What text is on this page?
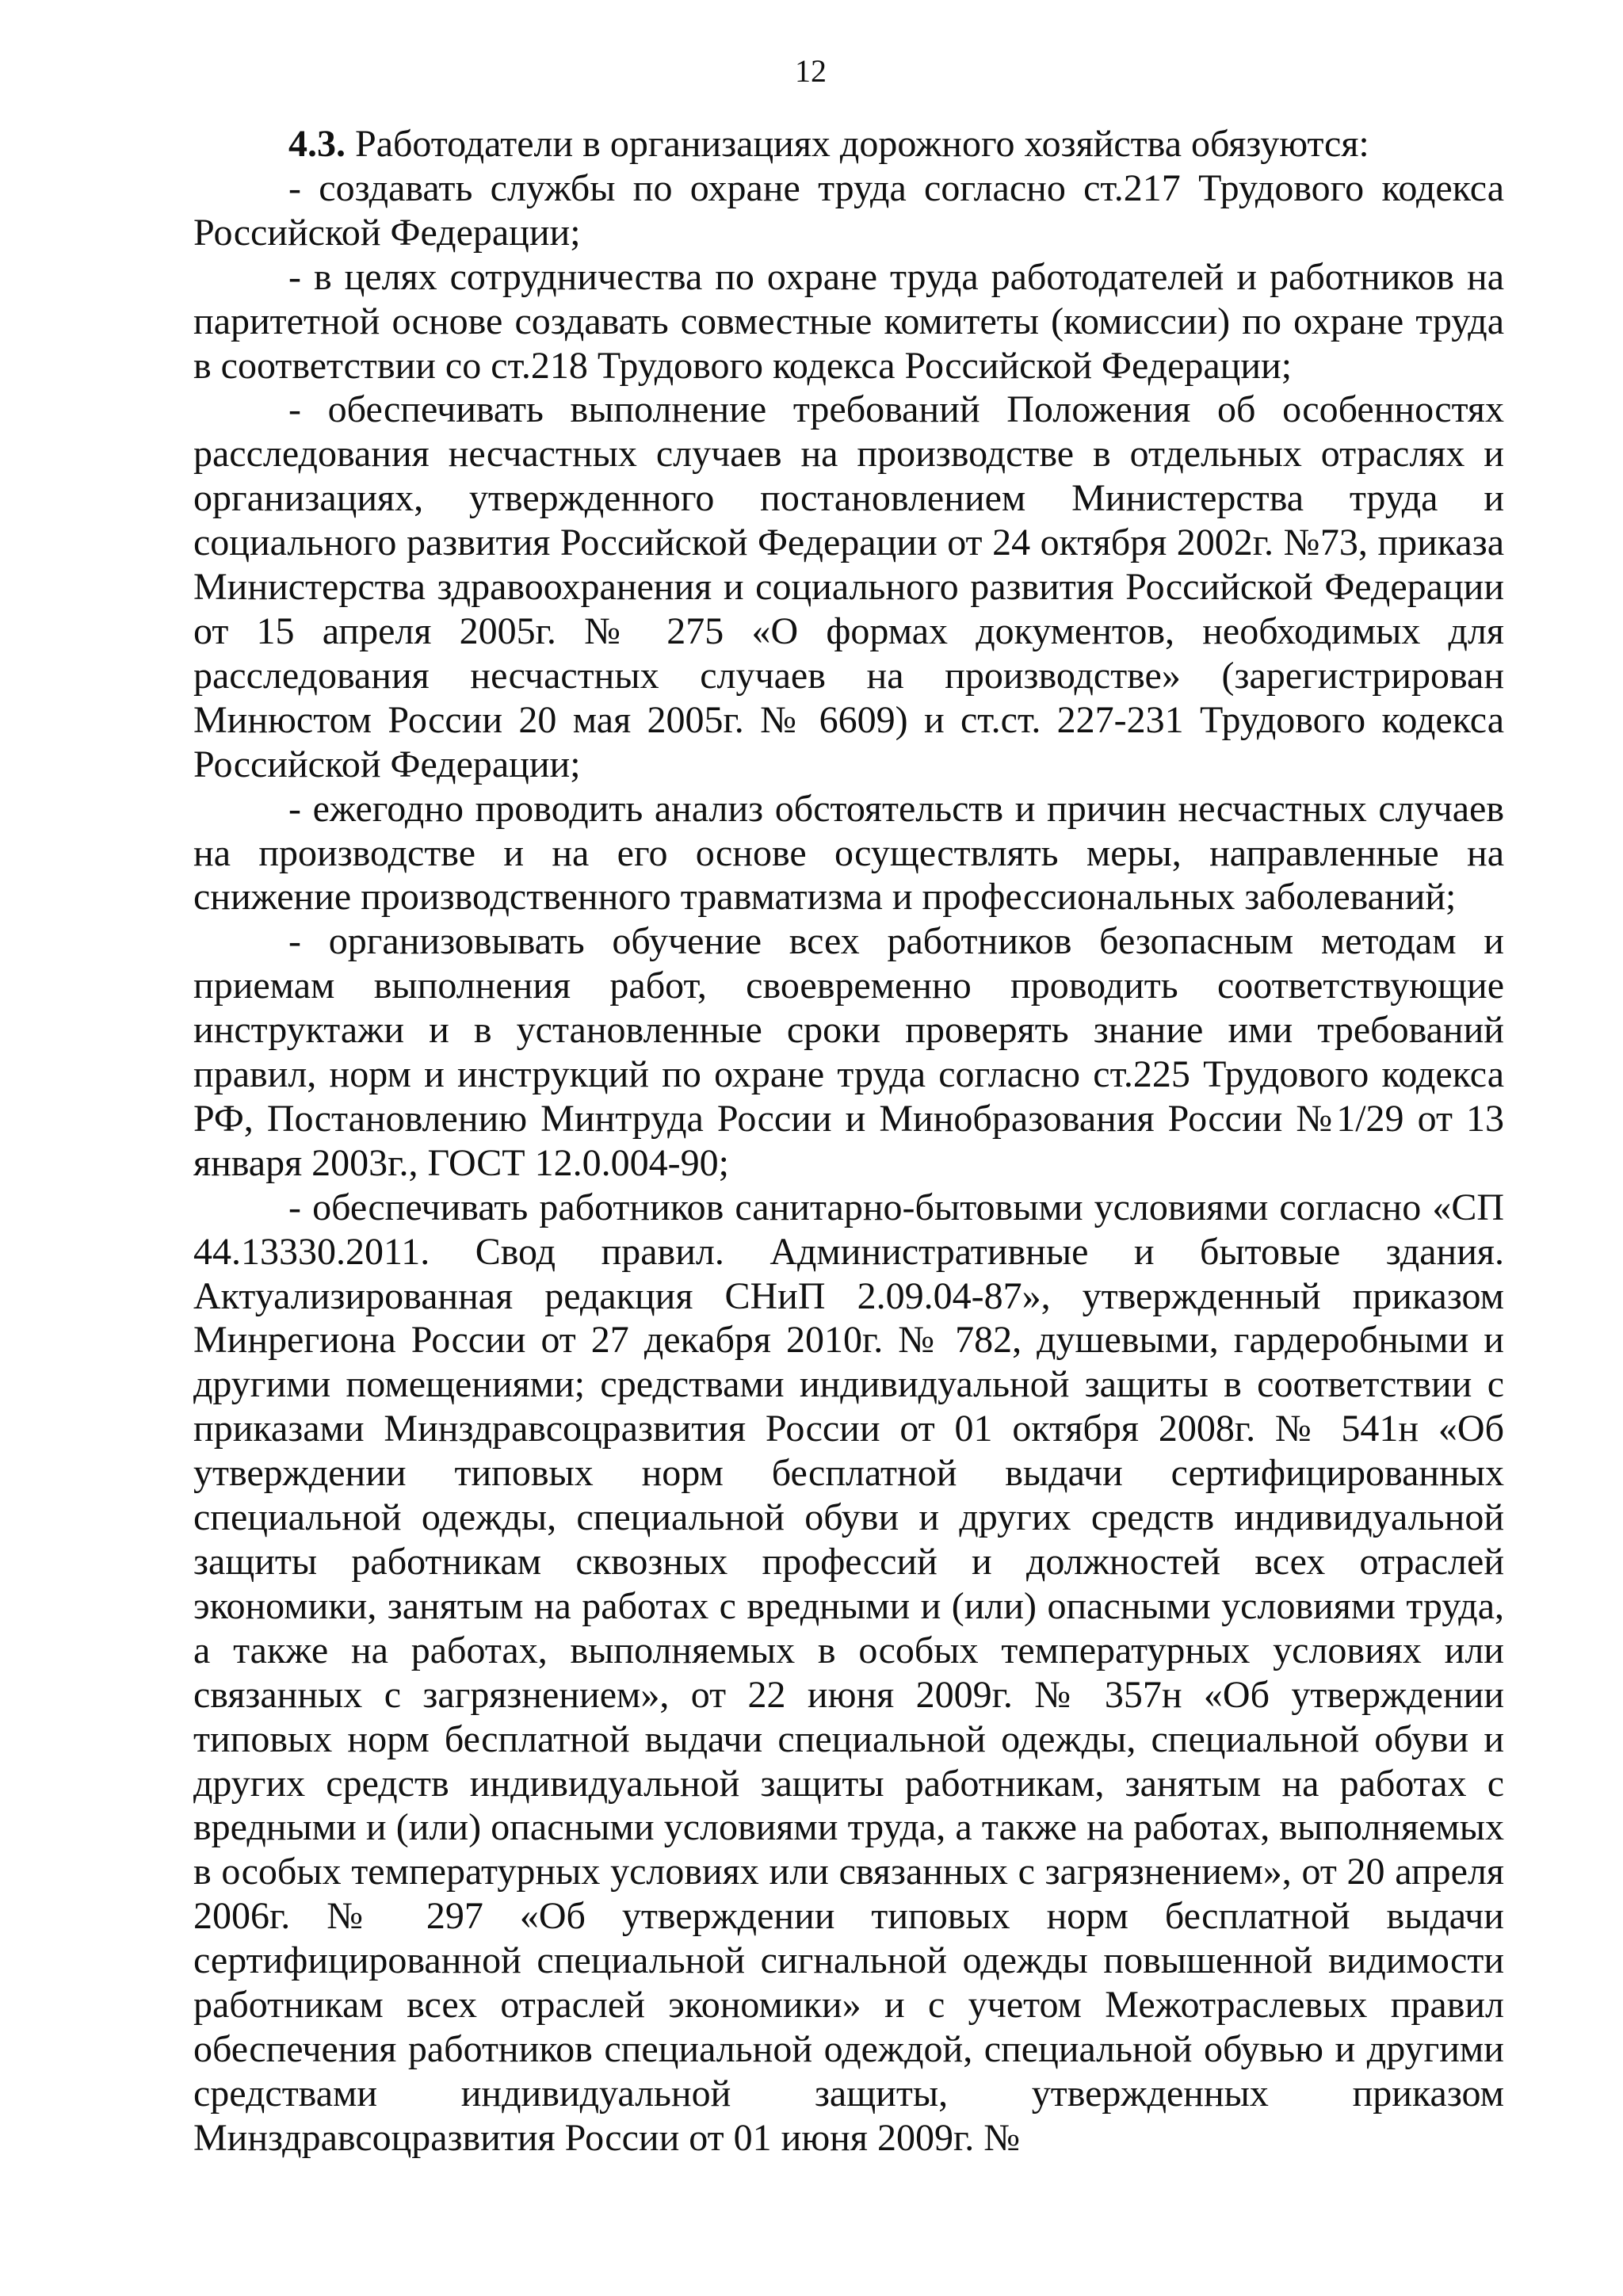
12

4.3. Работодатели в организациях дорожного хозяйства обязуются:

- создавать службы по охране труда согласно ст.217 Трудового кодекса Российской Федерации;

- в целях сотрудничества по охране труда работодателей и работников на паритетной основе создавать совместные комитеты (комиссии) по охране труда в соответствии со ст.218 Трудового кодекса Российской Федерации;

- обеспечивать выполнение требований Положения об особенностях расследования несчастных случаев на производстве в отдельных отраслях и организациях, утвержденного постановлением Министерства труда и социального развития Российской Федерации от 24 октября 2002г. №73, приказа Министерства здравоохранения и социального развития Российской Федерации от 15 апреля 2005г. № 275 «О формах документов, необходимых для расследования несчастных случаев на производстве» (зарегистрирован Минюстом России 20 мая 2005г. № 6609) и ст.ст. 227-231 Трудового кодекса Российской Федерации;

- ежегодно проводить анализ обстоятельств и причин несчастных случаев на производстве и на его основе осуществлять меры, направленные на снижение производственного травматизма и профессиональных заболеваний;

- организовывать обучение всех работников безопасным методам и приемам выполнения работ, своевременно проводить соответствующие инструктажи и в установленные сроки проверять знание ими требований правил, норм и инструкций по охране труда согласно ст.225 Трудового кодекса РФ, Постановлению Минтруда России и Минобразования России №1/29 от 13 января 2003г., ГОСТ 12.0.004-90;

- обеспечивать работников санитарно-бытовыми условиями согласно «СП 44.13330.2011. Свод правил. Административные и бытовые здания. Актуализированная редакция СНиП 2.09.04-87», утвержденный приказом Минрегиона России от 27 декабря 2010г. № 782, душевыми, гардеробными и другими помещениями; средствами индивидуальной защиты в соответствии с приказами Минздравсоцразвития России от 01 октября 2008г. № 541н «Об утверждении типовых норм бесплатной выдачи сертифицированных специальной одежды, специальной обуви и других средств индивидуальной защиты работникам сквозных профессий и должностей всех отраслей экономики, занятым на работах с вредными и (или) опасными условиями труда, а также на работах, выполняемых в особых температурных условиях или связанных с загрязнением», от 22 июня 2009г. № 357н «Об утверждении типовых норм бесплатной выдачи специальной одежды, специальной обуви и других средств индивидуальной защиты работникам, занятым на работах с вредными и (или) опасными условиями труда, а также на работах, выполняемых в особых температурных условиях или связанных с загрязнением», от 20 апреля 2006г. № 297 «Об утверждении типовых норм бесплатной выдачи сертифицированной специальной сигнальной одежды повышенной видимости работникам всех отраслей экономики» и с учетом Межотраслевых правил обеспечения работников специальной одеждой, специальной обувью и другими средствами индивидуальной защиты, утвержденных приказом Минздравсоцразвития России от 01 июня 2009г. №
